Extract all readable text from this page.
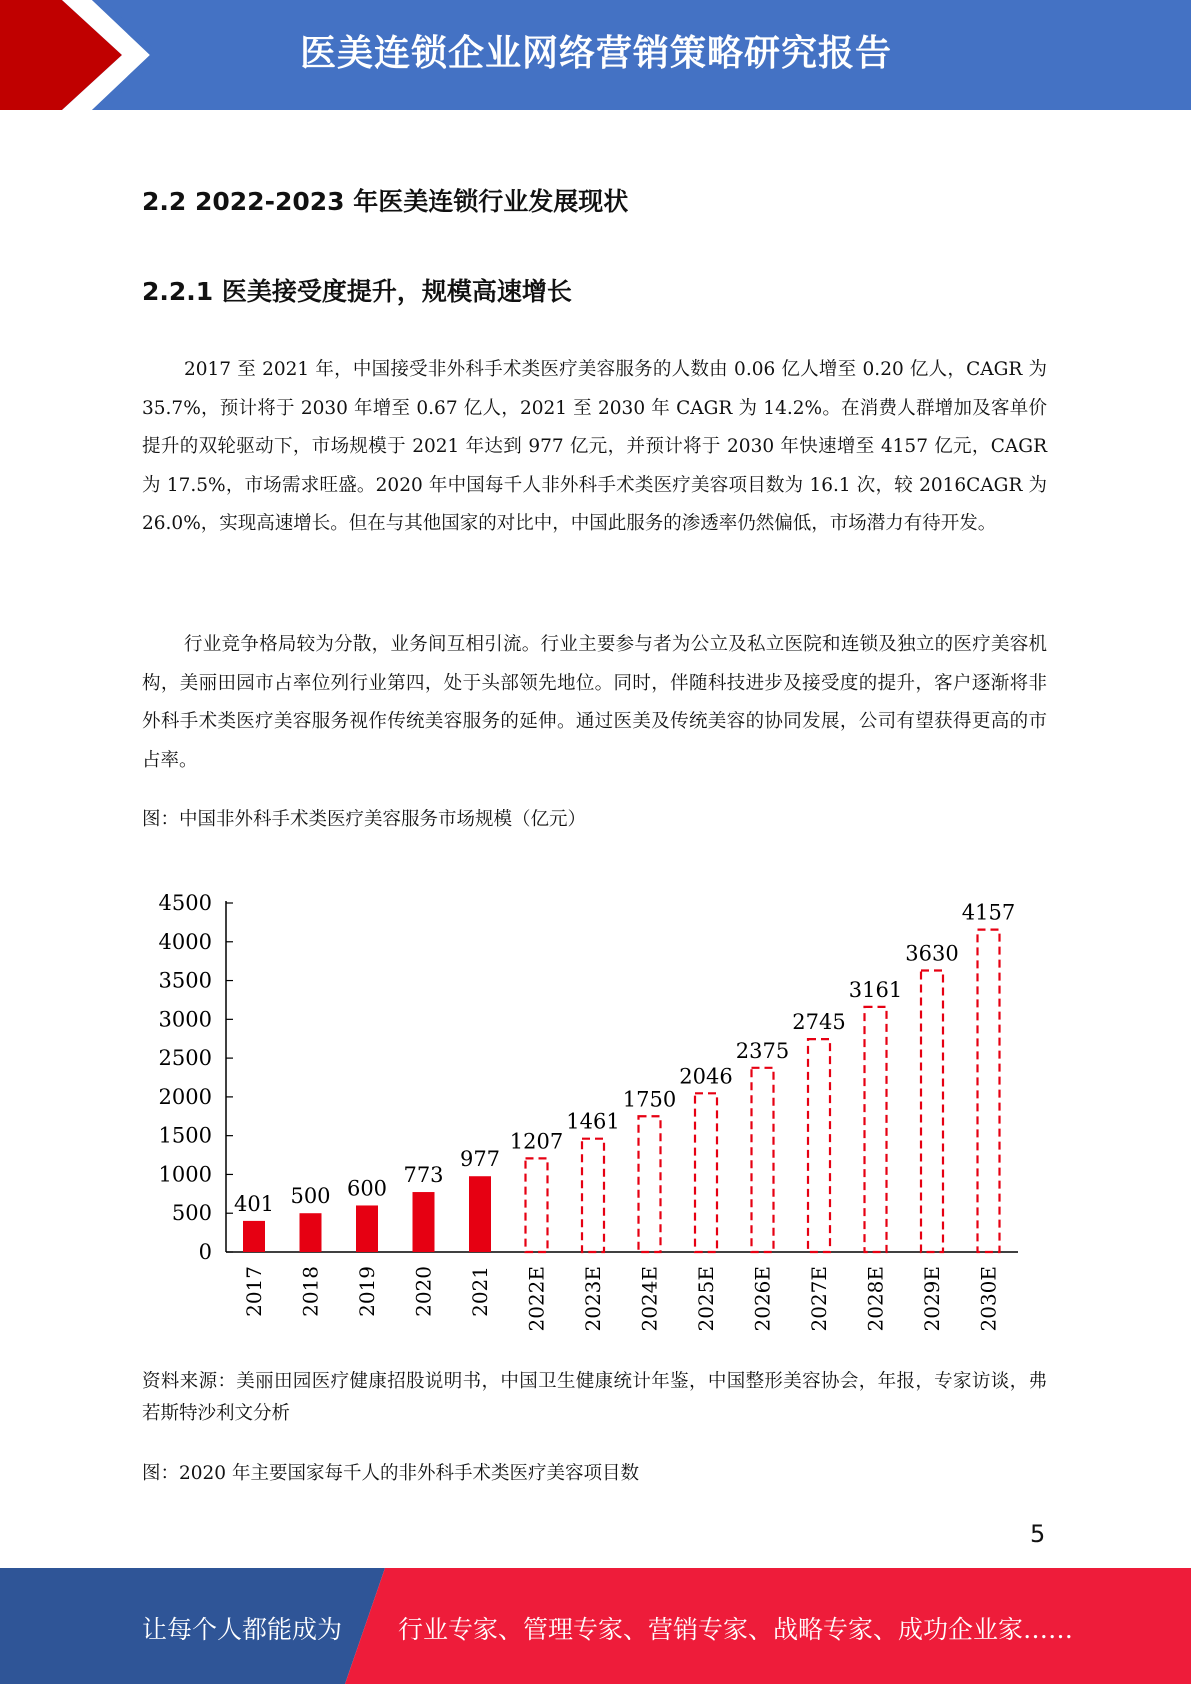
医美连锁企业网络营销策略研究报告
2.2 2022-2023 年医美连锁行业发展现状
2.2.1 医美接受度提升，规模高速增长
2017 至 2021 年，中国接受非外科手术类医疗美容服务的人数由 0.06 亿人增至 0.20 亿人，CAGR 为 35.7%，预计将于 2030 年增至 0.67 亿人，2021 至 2030 年 CAGR 为 14.2%。在消费人群增加及客单价提升的双轮驱动下，市场规模于 2021 年达到 977 亿元，并预计将于 2030 年快速增至 4157 亿元，CAGR 为 17.5%，市场需求旺盛。2020 年中国每千人非外科手术类医疗美容项目数为 16.1 次，较 2016CAGR 为 26.0%，实现高速增长。但在与其他国家的对比中，中国此服务的渗透率仍然偏低，市场潜力有待开发。
行业竞争格局较为分散，业务间互相引流。行业主要参与者为公立及私立医院和连锁及独立的医疗美容机构，美丽田园市占率位列行业第四，处于头部领先地位。同时，伴随科技进步及接受度的提升，客户逐渐将非外科手术类医疗美容服务视作传统美容服务的延伸。通过医美及传统美容的协同发展，公司有望获得更高的市占率。
图：中国非外科手术类医疗美容服务市场规模（亿元）
0
500
1000
1500
2000
2500
3000
3500
4000
4500
401
2017
500
2018
600
2019
773
2020
977
2021
1207
2022E
1461
2023E
1750
2024E
2046
2025E
2375
2026E
2745
2027E
3161
2028E
3630
2029E
4157
2030E
资料来源：美丽田园医疗健康招股说明书，中国卫生健康统计年鉴，中国整形美容协会，年报，专家访谈，弗若斯特沙利文分析
图：2020 年主要国家每千人的非外科手术类医疗美容项目数
5
让每个人都能成为 行业专家、管理专家、营销专家、战略专家、成功企业家……
